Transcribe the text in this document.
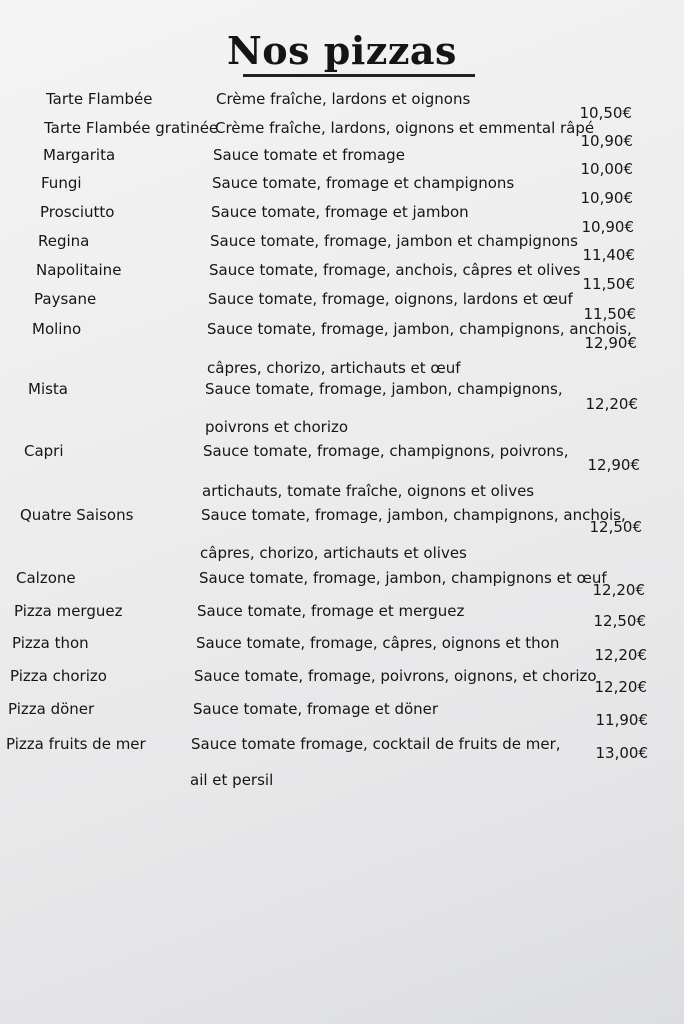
Nos pizzas
Tarte Flambée	Crème fraîche, lardons et oignons
10,50€
Tarte Flambée gratinée
Crème fraîche, lardons, oignons et emmental râpé
10,90€
Margarita	Sauce tomate et fromage
10,00€
Fungi	Sauce tomate, fromage et champignons
10,90€
Prosciutto	Sauce tomate, fromage et jambon
10,90€
Regina	Sauce tomate, fromage, jambon et champignons
11,40€
Napolitaine	Sauce tomate, fromage, anchois, câpres et olives
11,50€
Paysane	Sauce tomate, fromage, oignons, lardons et œuf
11,50€
Molino	Sauce tomate, fromage, jambon, champignons, anchois,
câpres, chorizo, artichauts et œuf
12,90€
Mista	Sauce tomate, fromage, jambon, champignons,
poivrons et chorizo
12,20€
Capri	Sauce tomate, fromage, champignons, poivrons,
artichauts, tomate fraîche, oignons et olives
12,90€
Quatre Saisons	Sauce tomate, fromage, jambon, champignons, anchois,
câpres, chorizo, artichauts et olives
12,50€
Calzone	Sauce tomate, fromage, jambon, champignons et œuf
12,20€
Pizza merguez	Sauce tomate, fromage et merguez
12,50€
Pizza thon	Sauce tomate, fromage, câpres, oignons et thon
12,20€
Pizza chorizo	Sauce tomate, fromage, poivrons, oignons, et chorizo
12,20€
Pizza döner	Sauce tomate, fromage et döner
11,90€
Pizza fruits de mer	Sauce tomate fromage, cocktail de fruits de mer,
ail et persil
13,00€
